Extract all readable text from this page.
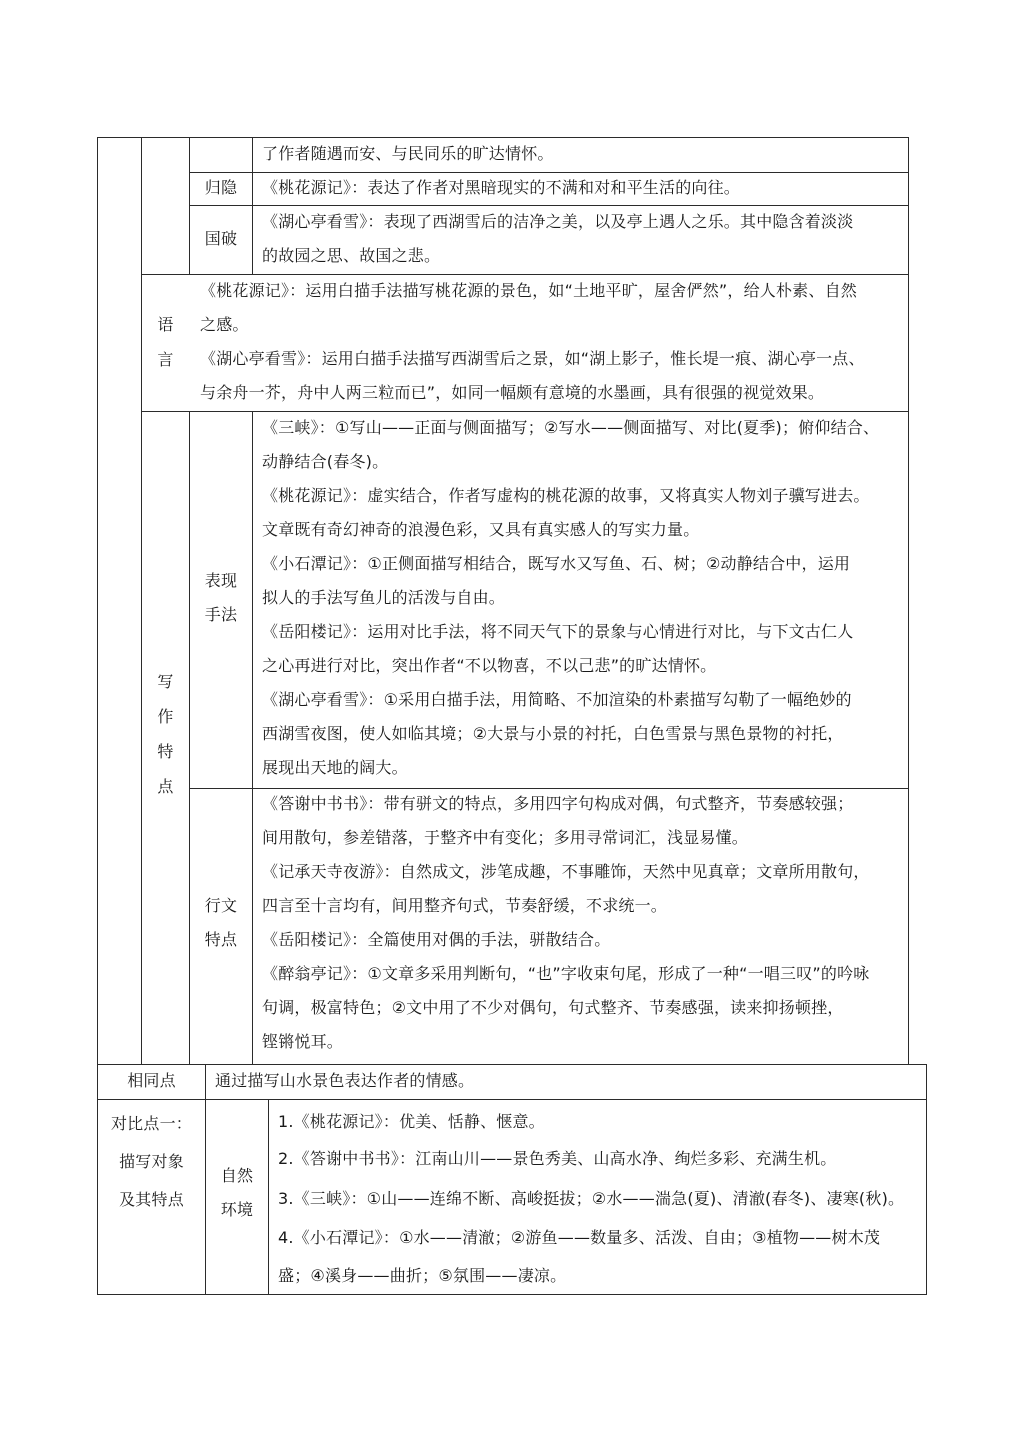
了作者随遇而安、与民同乐的旷达情怀。
归隐	《桃花源记》：表达了作者对黑暗现实的不满和对和平生活的向往。
国破
《湖心亭看雪》：表现了西湖雪后的洁净之美，以及亭上遇人之乐。其中隐含着淡淡
的故园之思、故国之悲。
语
言
《桃花源记》：运用白描手法描写桃花源的景色，如“土地平旷，屋舍俨然”，给人朴素、自然
之感。
《湖心亭看雪》：运用白描手法描写西湖雪后之景，如“湖上影子，惟长堤一痕、湖心亭一点、
与余舟一芥，舟中人两三粒而已”，如同一幅颇有意境的水墨画，具有很强的视觉效果。
写
作
特
点
表现
手法
《三峡》：①写山——正面与侧面描写；②写水——侧面描写、对比(夏季)；俯仰结合、
动静结合(春冬)。
《桃花源记》：虚实结合，作者写虚构的桃花源的故事，又将真实人物刘子骥写进去。
文章既有奇幻神奇的浪漫色彩，又具有真实感人的写实力量。
《小石潭记》：①正侧面描写相结合，既写水又写鱼、石、树；②动静结合中，运用
拟人的手法写鱼儿的活泼与自由。
《岳阳楼记》：运用对比手法，将不同天气下的景象与心情进行对比，与下文古仁人
之心再进行对比，突出作者“不以物喜，不以己悲”的旷达情怀。
《湖心亭看雪》：①采用白描手法，用简略、不加渲染的朴素描写勾勒了一幅绝妙的
西湖雪夜图，使人如临其境；②大景与小景的衬托，白色雪景与黑色景物的衬托，
展现出天地的阔大。
行文
特点
《答谢中书书》：带有骈文的特点，多用四字句构成对偶，句式整齐，节奏感较强；
间用散句，参差错落，于整齐中有变化；多用寻常词汇，浅显易懂。
《记承天寺夜游》：自然成文，涉笔成趣，不事雕饰，天然中见真章；文章所用散句，
四言至十言均有，间用整齐句式，节奏舒缓，不求统一。
《岳阳楼记》：全篇使用对偶的手法，骈散结合。
《醉翁亭记》：①文章多采用判断句，“也”字收束句尾，形成了一种“一唱三叹”的吟咏
句调，极富特色；②文中用了不少对偶句，句式整齐、节奏感强，读来抑扬顿挫，
铿锵悦耳。
相同点	通过描写山水景色表达作者的情感。
对比点一：
描写对象
及其特点
自然
环境
1.《桃花源记》：优美、恬静、惬意。
2.《答谢中书书》：江南山川——景色秀美、山高水净、绚烂多彩、充满生机。
3.《三峡》：①山——连绵不断、高峻挺拔；②水——湍急(夏)、清澈(春冬)、凄寒(秋)。
4.《小石潭记》：①水——清澈；②游鱼——数量多、活泼、自由；③植物——树木茂
盛；④溪身——曲折；⑤氛围——凄凉。
